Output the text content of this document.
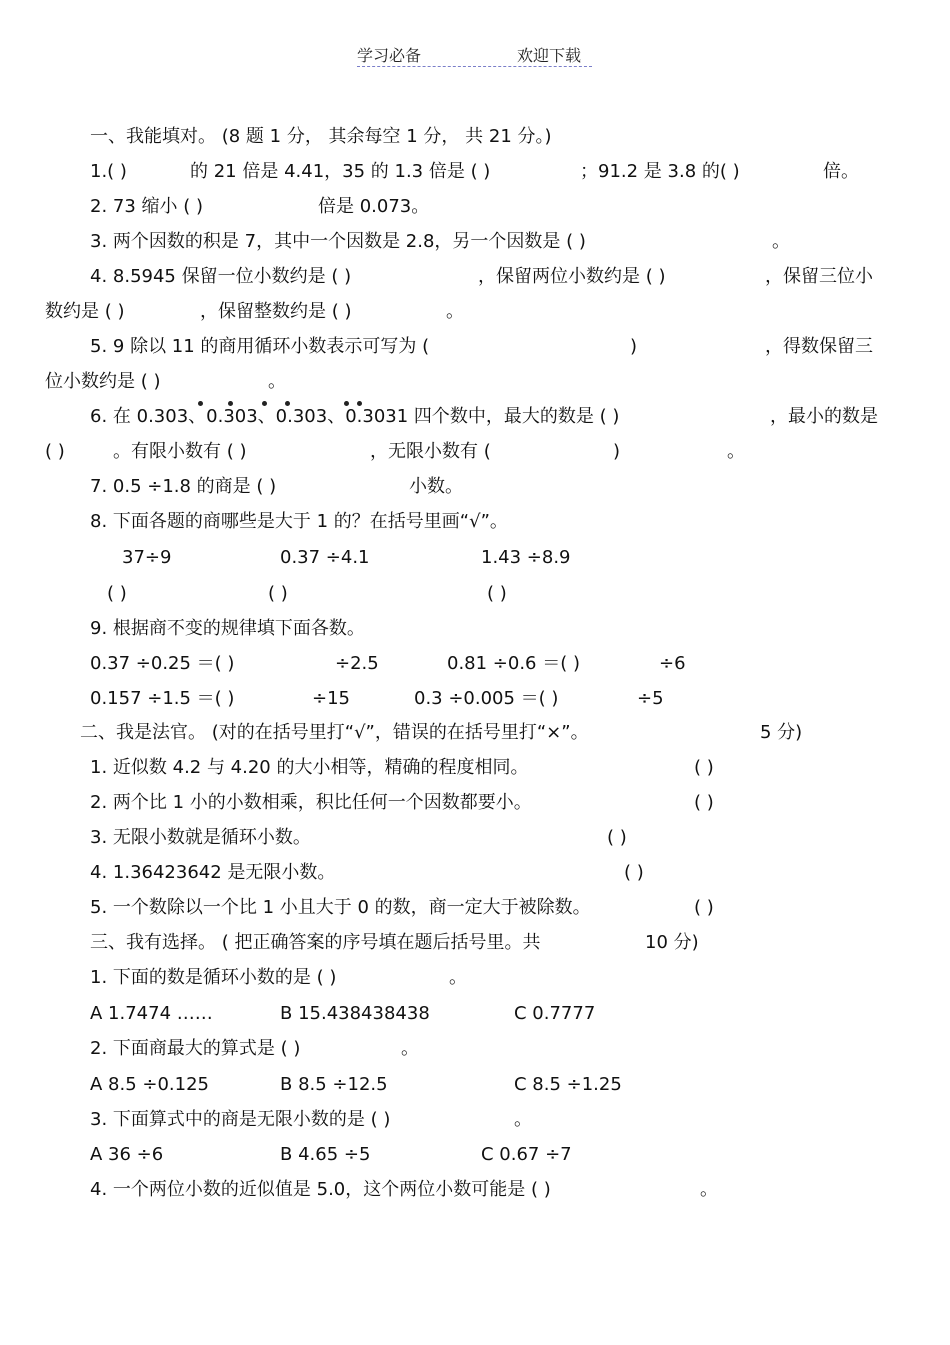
学习必备	欢迎下载
一、我能填对。 (8 题 1 分， 其余每空 1 分， 共 21 分。)
1.( )	的 21 倍是 4.41，35 的 1.3 倍是 ( )	；91.2 是 3.8 的( )	倍。
2. 73 缩小 ( )	倍是 0.073。
3. 两个因数的积是 7，其中一个因数是 2.8，另一个因数是 ( )	。
4. 8.5945 保留一位小数约是 ( )	，保留两位小数约是 ( )	，保留三位小
数约是 ( )	，保留整数约是 ( )	。
5. 9 除以 11 的商用循环小数表示可写为 (	)	，得数保留三
位小数约是 ( )	。
6. 在 0.303、0.303、0.303、0.3031 四个数中，最大的数是 ( )	，最小的数是
( )	。有限小数有 ( )	，无限小数有 (	)	。
7. 0.5 ÷1.8 的商是 ( )	小数。
8. 下面各题的商哪些是大于 1 的？在括号里画“√”。
37÷9	0.37 ÷4.1	1.43 ÷8.9
( )	( )	( )
9. 根据商不变的规律填下面各数。
0.37 ÷0.25 ＝( )	÷2.5	0.81 ÷0.6 ＝( )	÷6
0.157 ÷1.5 ＝( )	÷15	0.3 ÷0.005 ＝( )	÷5
二、我是法官。 (对的在括号里打“√”，错误的在括号里打“×”。	5 分)
1. 近似数 4.2 与 4.20 的大小相等，精确的程度相同。	( )
2. 两个比 1 小的小数相乘，积比任何一个因数都要小。	( )
3. 无限小数就是循环小数。	( )
4. 1.36423642 是无限小数。	( )
5. 一个数除以一个比 1 小且大于 0 的数，商一定大于被除数。	( )
三、我有选择。 ( 把正确答案的序号填在题后括号里。共	10 分)
1. 下面的数是循环小数的是 ( )	。
A 1.7474 ……	B 15.438438438	C 0.7777
2. 下面商最大的算式是 ( )	。
A 8.5 ÷0.125	B 8.5 ÷12.5	C 8.5 ÷1.25
3. 下面算式中的商是无限小数的是 ( )	。
A 36 ÷6	B 4.65 ÷5	C 0.67 ÷7
4. 一个两位小数的近似值是 5.0，这个两位小数可能是 ( )	。
